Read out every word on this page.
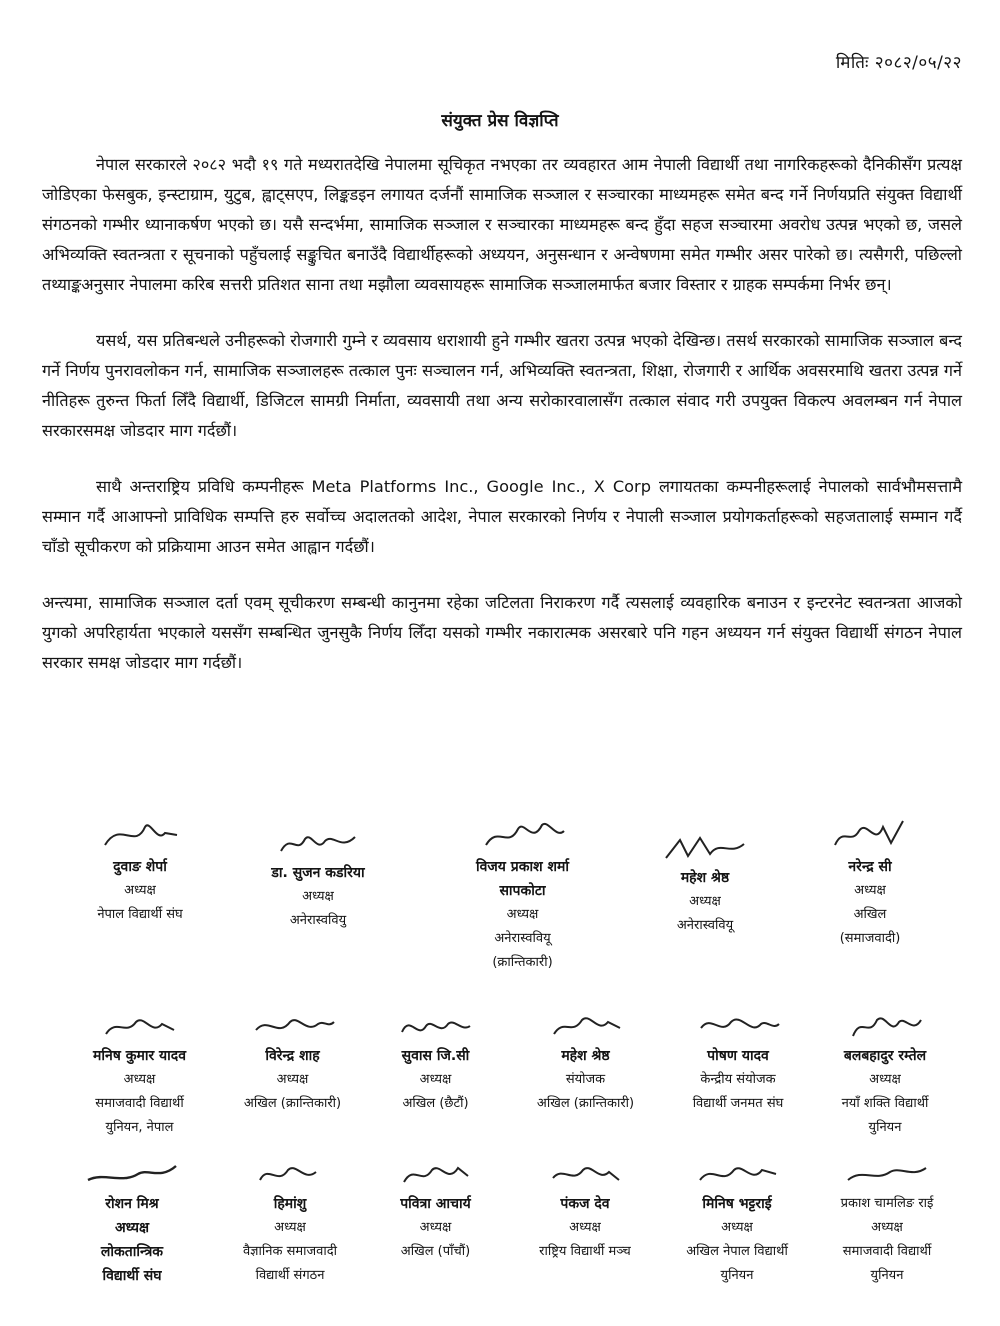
मितिः २०८२/०५/२२
संयुक्त प्रेस विज्ञप्ति

नेपाल सरकारले २०८२ भदौ १९ गते मध्यरातदेखि नेपालमा सूचिकृत नभएका तर व्यवहारत आम नेपाली विद्यार्थी तथा नागरिकहरूको दैनिकीसँग प्रत्यक्ष जोडिएका फेसबुक, इन्स्टाग्राम, युटुब, ह्वाट्सएप, लिङ्कडइन लगायत दर्जनौं सामाजिक सञ्जाल र सञ्चारका माध्यमहरू समेत बन्द गर्ने निर्णयप्रति संयुक्त विद्यार्थी संगठनको गम्भीर ध्यानाकर्षण भएको छ। यसै सन्दर्भमा, सामाजिक सञ्जाल र सञ्चारका माध्यमहरू बन्द हुँदा सहज सञ्चारमा अवरोध उत्पन्न भएको छ, जसले अभिव्यक्ति स्वतन्त्रता र सूचनाको पहुँचलाई सङ्कुचित बनाउँदै विद्यार्थीहरूको अध्ययन, अनुसन्धान र अन्वेषणमा समेत गम्भीर असर पारेको छ। त्यसैगरी, पछिल्लो तथ्याङ्कअनुसार नेपालमा करिब सत्तरी प्रतिशत साना तथा मझौला व्यवसायहरू सामाजिक सञ्जालमार्फत बजार विस्तार र ग्राहक सम्पर्कमा निर्भर छन्।

यसर्थ, यस प्रतिबन्धले उनीहरूको रोजगारी गुम्ने र व्यवसाय धराशायी हुने गम्भीर खतरा उत्पन्न भएको देखिन्छ। तसर्थ सरकारको सामाजिक सञ्जाल बन्द गर्ने निर्णय पुनरावलोकन गर्न, सामाजिक सञ्जालहरू तत्काल पुनः सञ्चालन गर्न, अभिव्यक्ति स्वतन्त्रता, शिक्षा, रोजगारी र आर्थिक अवसरमाथि खतरा उत्पन्न गर्ने नीतिहरू तुरुन्त फिर्ता लिँदै विद्यार्थी, डिजिटल सामग्री निर्माता, व्यवसायी तथा अन्य सरोकारवालासँग तत्काल संवाद गरी उपयुक्त विकल्प अवलम्बन गर्न नेपाल सरकारसमक्ष जोडदार माग गर्दछौं।

साथै अन्तराष्ट्रिय प्रविधि कम्पनीहरू Meta Platforms Inc., Google Inc., X Corp लगायतका कम्पनीहरूलाई नेपालको सार्वभौमसत्तामै सम्मान गर्दै आआफ्नो प्राविधिक सम्पत्ति हरु सर्वोच्च अदालतको आदेश, नेपाल सरकारको निर्णय र नेपाली सञ्जाल प्रयोगकर्ताहरूको सहजतालाई सम्मान गर्दै चाँडो सूचीकरण को प्रक्रियामा आउन समेत आह्वान गर्दछौं।

अन्त्यमा, सामाजिक सञ्जाल दर्ता एवम् सूचीकरण सम्बन्धी कानुनमा रहेका जटिलता निराकरण गर्दै त्यसलाई व्यवहारिक बनाउन र इन्टरनेट स्वतन्त्रता आजको युगको अपरिहार्यता भएकाले यससँग सम्बन्धित जुनसुकै निर्णय लिँदा यसको गम्भीर नकारात्मक असरबारे पनि गहन अध्ययन गर्न संयुक्त विद्यार्थी संगठन नेपाल सरकार समक्ष जोडदार माग गर्दछौं।

दुवाङ शेर्पा
अध्यक्ष
नेपाल विद्यार्थी संघ
डा. सुजन कडरिया
अध्यक्ष
अनेरास्ववियु
विजय प्रकाश शर्मा
सापकोटा
अध्यक्ष
अनेरास्ववियू
(क्रान्तिकारी)
महेश श्रेष्ठ
अध्यक्ष
अनेरास्ववियू
नरेन्द्र सी
अध्यक्ष
अखिल
(समाजवादी)
मनिष कुमार यादव
अध्यक्ष
समाजवादी विद्यार्थी
युनियन, नेपाल
विरेन्द्र शाह
अध्यक्ष
अखिल (क्रान्तिकारी)
सुवास जि.सी
अध्यक्ष
अखिल (छैटौं)
महेश श्रेष्ठ
संयोजक
अखिल (क्रान्तिकारी)
पोषण यादव
केन्द्रीय संयोजक
विद्यार्थी जनमत संघ
बलबहादुर रम्तेल
अध्यक्ष
नयाँ शक्ति विद्यार्थी
युनियन
रोशन मिश्र
अध्यक्ष
लोकतान्त्रिक
विद्यार्थी संघ
हिमांशु
अध्यक्ष
वैज्ञानिक समाजवादी
विद्यार्थी संगठन
पवित्रा आचार्य
अध्यक्ष
अखिल (पाँचौं)
पंकज देव
अध्यक्ष
राष्ट्रिय विद्यार्थी मञ्च
मिनिष भट्टराई
अध्यक्ष
अखिल नेपाल विद्यार्थी
युनियन
प्रकाश चामलिङ राई
अध्यक्ष
समाजवादी विद्यार्थी
युनियन
